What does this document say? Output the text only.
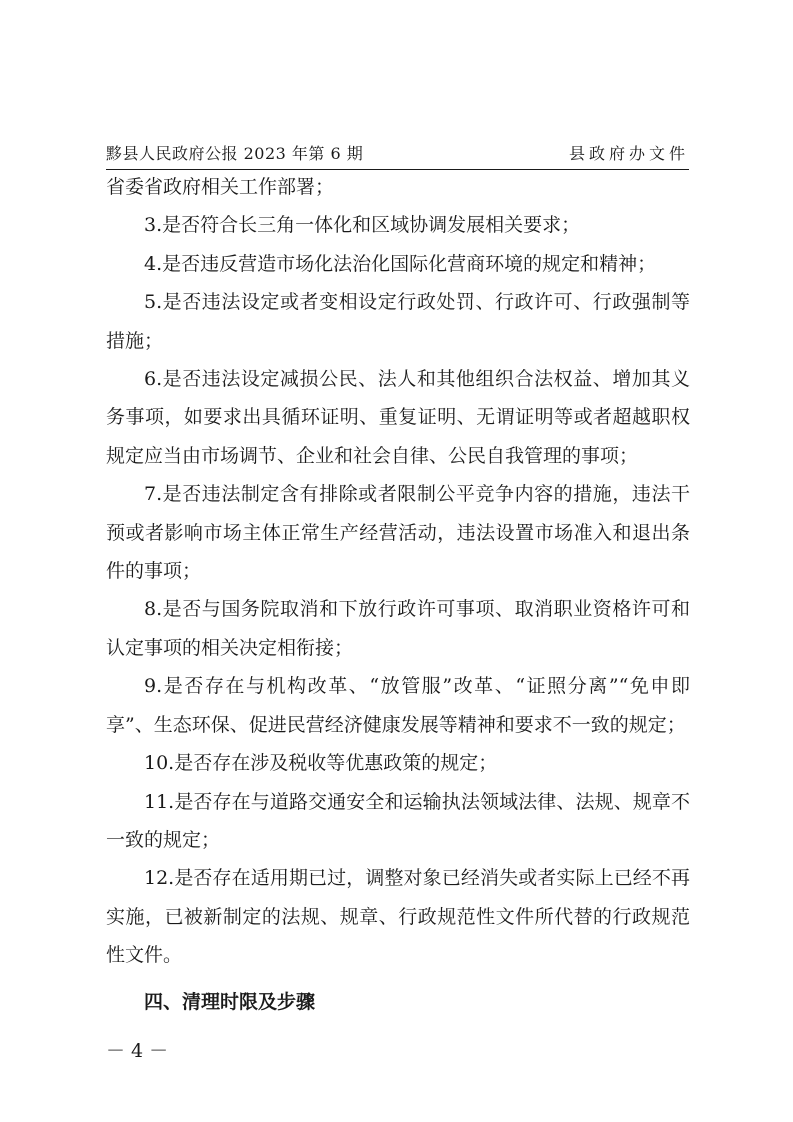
黟县人民政府公报 2023 年第 6 期	县政府办文件

省委省政府相关工作部署；

3.是否符合长三角一体化和区域协调发展相关要求；

4.是否违反营造市场化法治化国际化营商环境的规定和精神；

5.是否违法设定或者变相设定行政处罚、行政许可、行政强制等措施；

6.是否违法设定减损公民、法人和其他组织合法权益、增加其义务事项，如要求出具循环证明、重复证明、无谓证明等或者超越职权规定应当由市场调节、企业和社会自律、公民自我管理的事项；

7.是否违法制定含有排除或者限制公平竞争内容的措施，违法干预或者影响市场主体正常生产经营活动，违法设置市场准入和退出条件的事项；

8.是否与国务院取消和下放行政许可事项、取消职业资格许可和认定事项的相关决定相衔接；

9.是否存在与机构改革、“放管服”改革、“证照分离”“免申即享”、生态环保、促进民营经济健康发展等精神和要求不一致的规定；

10.是否存在涉及税收等优惠政策的规定；

11.是否存在与道路交通安全和运输执法领域法律、法规、规章不一致的规定；

12.是否存在适用期已过，调整对象已经消失或者实际上已经不再实施，已被新制定的法规、规章、行政规范性文件所代替的行政规范性文件。

四、清理时限及步骤

－ 4 －
